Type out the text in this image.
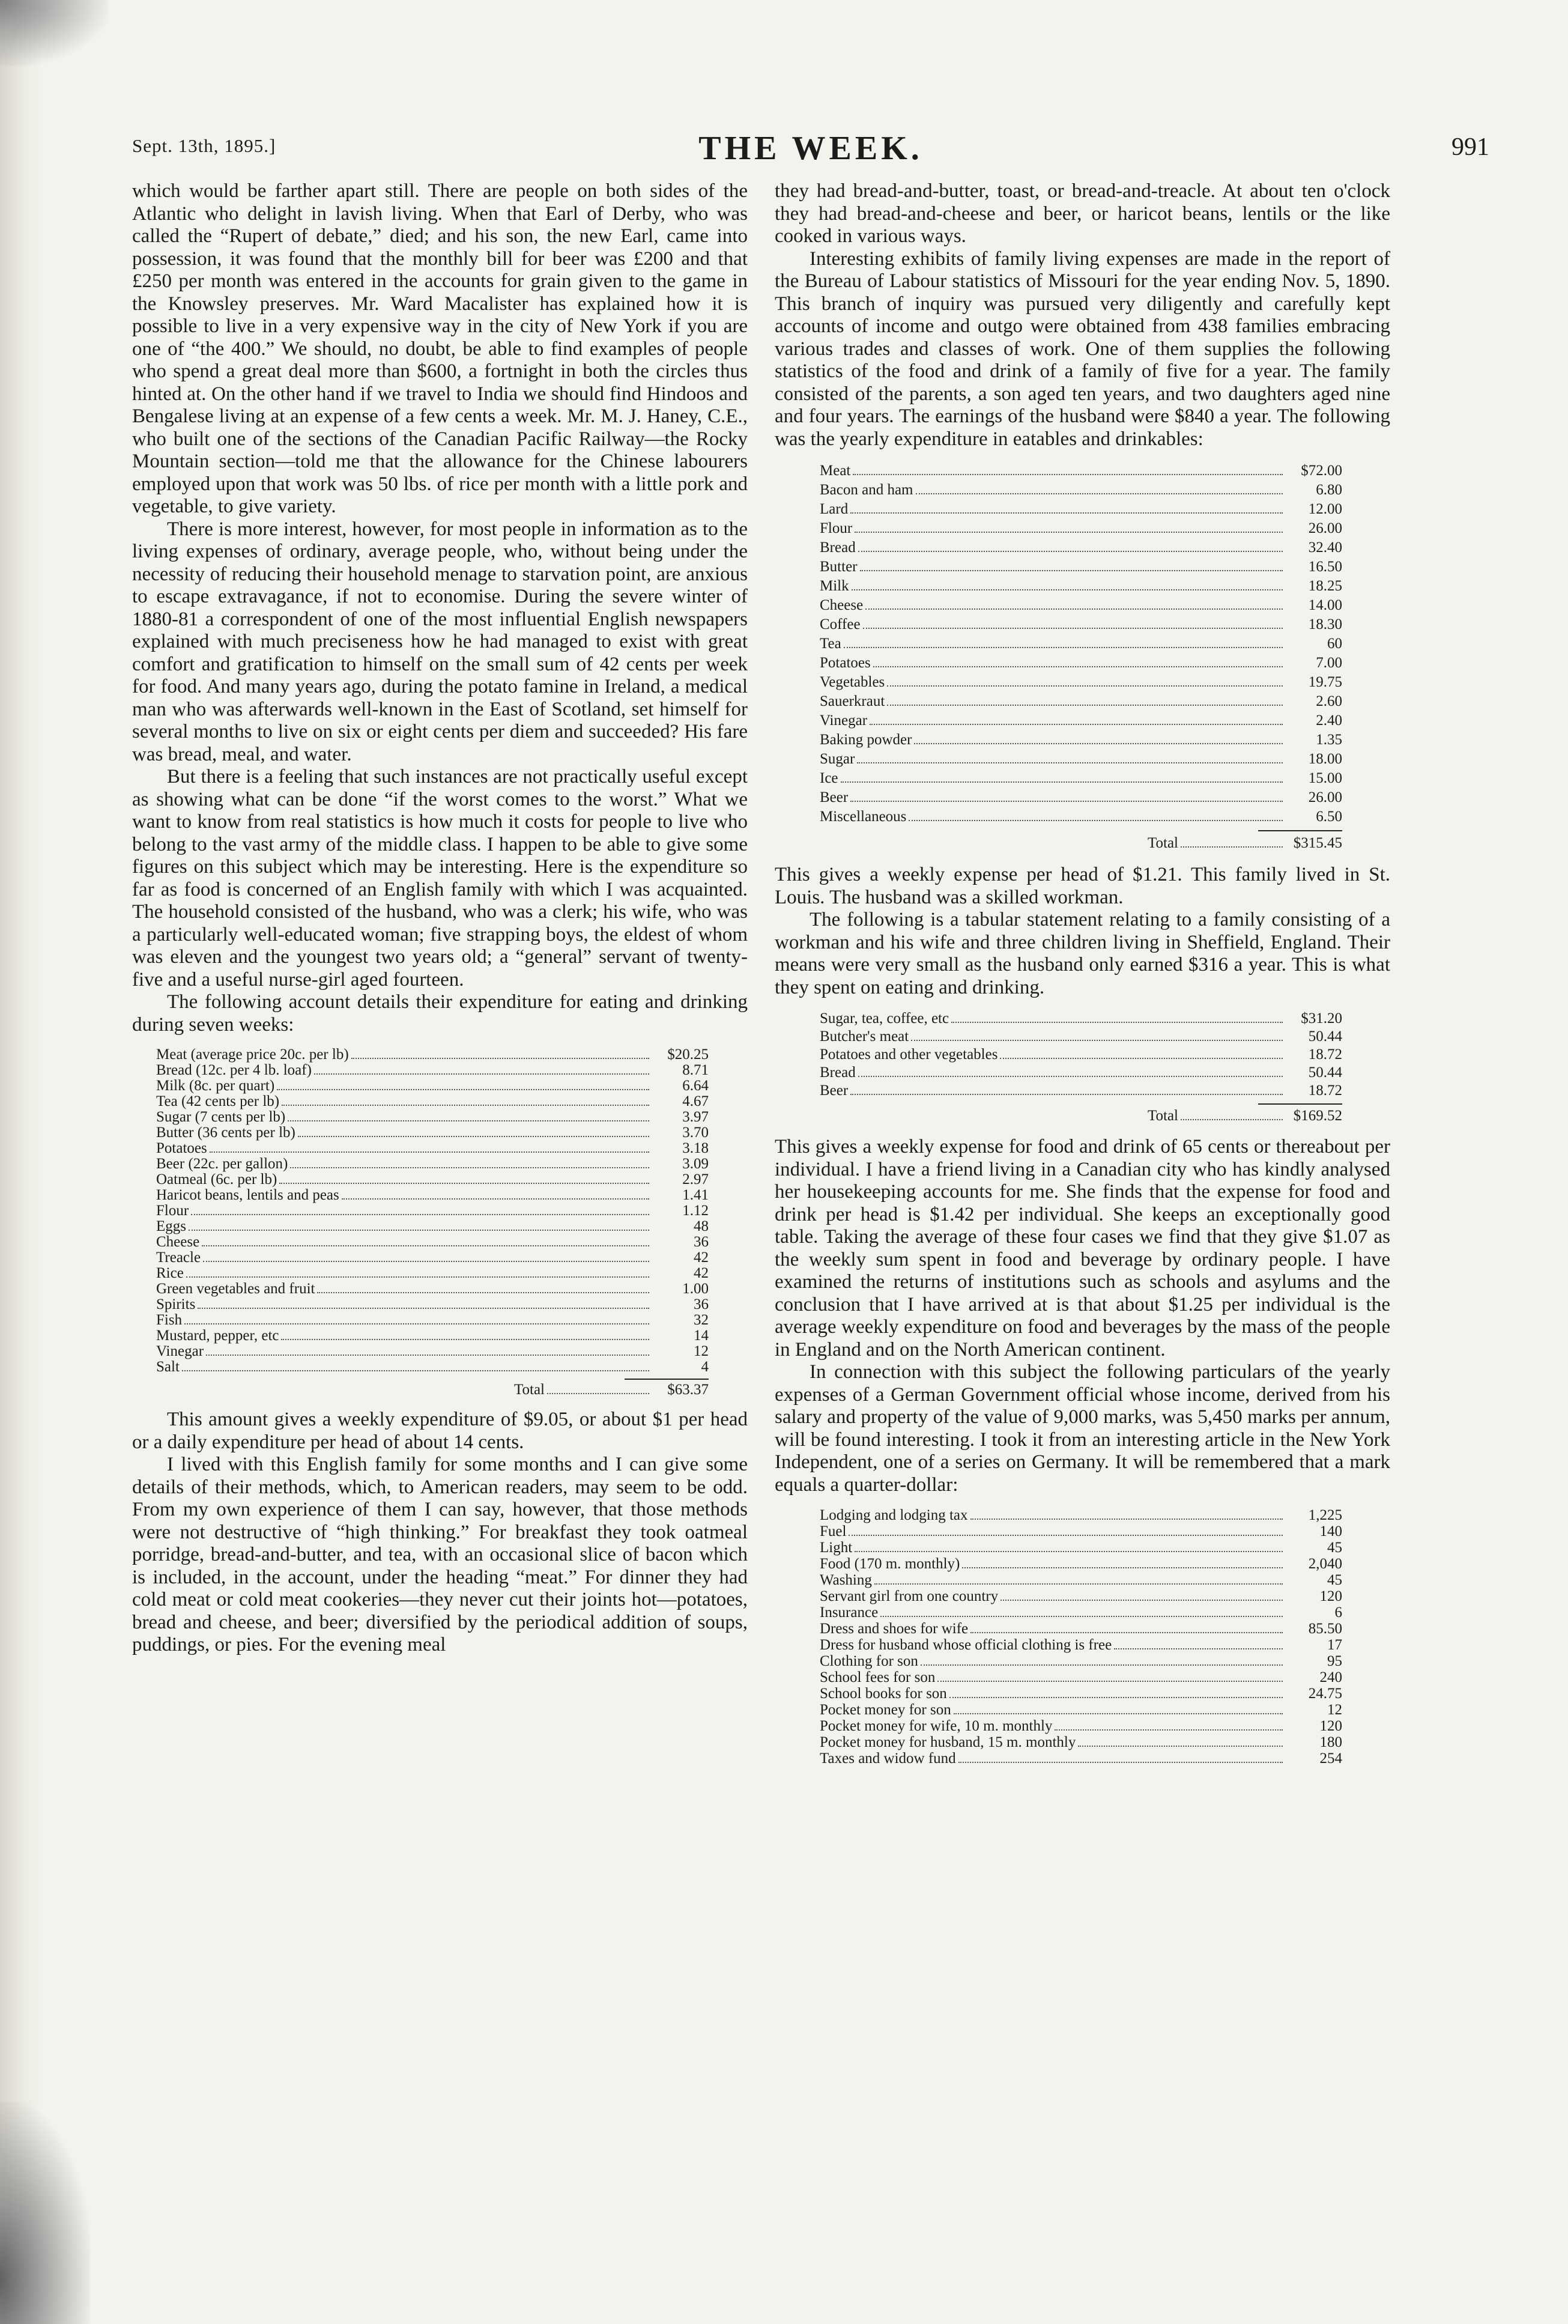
Sept. 13th, 1895.]	THE WEEK.	991

which would be farther apart still. There are people on both sides of the Atlantic who delight in lavish living. When that Earl of Derby, who was called the “Rupert of debate,” died; and his son, the new Earl, came into possession, it was found that the monthly bill for beer was £200 and that £250 per month was entered in the accounts for grain given to the game in the Knowsley preserves. Mr. Ward Macalister has explained how it is possible to live in a very expensive way in the city of New York if you are one of “the 400.” We should, no doubt, be able to find examples of people who spend a great deal more than $600, a fortnight in both the circles thus hinted at. On the other hand if we travel to India we should find Hindoos and Bengalese living at an expense of a few cents a week. Mr. M. J. Haney, C.E., who built one of the sections of the Canadian Pacific Railway—the Rocky Mountain section—told me that the allowance for the Chinese labourers employed upon that work was 50 lbs. of rice per month with a little pork and vegetable, to give variety.

There is more interest, however, for most people in information as to the living expenses of ordinary, average people, who, without being under the necessity of reducing their household menage to starvation point, are anxious to escape extravagance, if not to economise. During the severe winter of 1880-81 a correspondent of one of the most influential English newspapers explained with much preciseness how he had managed to exist with great comfort and gratification to himself on the small sum of 42 cents per week for food. And many years ago, during the potato famine in Ireland, a medical man who was afterwards well-known in the East of Scotland, set himself for several months to live on six or eight cents per diem and succeeded? His fare was bread, meal, and water.

But there is a feeling that such instances are not practically useful except as showing what can be done “if the worst comes to the worst.” What we want to know from real statistics is how much it costs for people to live who belong to the vast army of the middle class. I happen to be able to give some figures on this subject which may be interesting. Here is the expenditure so far as food is concerned of an English family with which I was acquainted. The household consisted of the husband, who was a clerk; his wife, who was a particularly well-educated woman; five strapping boys, the eldest of whom was eleven and the youngest two years old; a “general” servant of twenty-five and a useful nurse-girl aged fourteen.

The following account details their expenditure for eating and drinking during seven weeks:

Meat (average price 20c. per lb)	$20.25
Bread (12c. per 4 lb. loaf)	8.71
Milk (8c. per quart)	6.64
Tea (42 cents per lb)	4.67
Sugar (7 cents per lb)	3.97
Butter (36 cents per lb)	3.70
Potatoes	3.18
Beer (22c. per gallon)	3.09
Oatmeal (6c. per lb)	2.97
Haricot beans, lentils and peas	1.41
Flour	1.12
Eggs	48
Cheese	36
Treacle	42
Rice	42
Green vegetables and fruit	1.00
Spirits	36
Fish	32
Mustard, pepper, etc	14
Vinegar	12
Salt	4
Total	$63.37

This amount gives a weekly expenditure of $9.05, or about $1 per head or a daily expenditure per head of about 14 cents.

I lived with this English family for some months and I can give some details of their methods, which, to American readers, may seem to be odd. From my own experience of them I can say, however, that those methods were not destructive of “high thinking.” For breakfast they took oatmeal porridge, bread-and-butter, and tea, with an occasional slice of bacon which is included, in the account, under the heading “meat.” For dinner they had cold meat or cold meat cookeries—they never cut their joints hot—potatoes, bread and cheese, and beer; diversified by the periodical addition of soups, puddings, or pies. For the evening meal

they had bread-and-butter, toast, or bread-and-treacle. At about ten o'clock they had bread-and-cheese and beer, or haricot beans, lentils or the like cooked in various ways.

Interesting exhibits of family living expenses are made in the report of the Bureau of Labour statistics of Missouri for the year ending Nov. 5, 1890. This branch of inquiry was pursued very diligently and carefully kept accounts of income and outgo were obtained from 438 families embracing various trades and classes of work. One of them supplies the following statistics of the food and drink of a family of five for a year. The family consisted of the parents, a son aged ten years, and two daughters aged nine and four years. The earnings of the husband were $840 a year. The following was the yearly expenditure in eatables and drinkables:

Meat	$72.00
Bacon and ham	6.80
Lard	12.00
Flour	26.00
Bread	32.40
Butter	16.50
Milk	18.25
Cheese	14.00
Coffee	18.30
Tea	60
Potatoes	7.00
Vegetables	19.75
Sauerkraut	2.60
Vinegar	2.40
Baking powder	1.35
Sugar	18.00
Ice	15.00
Beer	26.00
Miscellaneous	6.50
Total	$315.45

This gives a weekly expense per head of $1.21. This family lived in St. Louis. The husband was a skilled workman.

The following is a tabular statement relating to a family consisting of a workman and his wife and three children living in Sheffield, England. Their means were very small as the husband only earned $316 a year. This is what they spent on eating and drinking.

Sugar, tea, coffee, etc	$31.20
Butcher's meat	50.44
Potatoes and other vegetables	18.72
Bread	50.44
Beer	18.72
Total	$169.52

This gives a weekly expense for food and drink of 65 cents or thereabout per individual. I have a friend living in a Canadian city who has kindly analysed her housekeeping accounts for me. She finds that the expense for food and drink per head is $1.42 per individual. She keeps an exceptionally good table. Taking the average of these four cases we find that they give $1.07 as the weekly sum spent in food and beverage by ordinary people. I have examined the returns of institutions such as schools and asylums and the conclusion that I have arrived at is that about $1.25 per individual is the average weekly expenditure on food and beverages by the mass of the people in England and on the North American continent.

In connection with this subject the following particulars of the yearly expenses of a German Government official whose income, derived from his salary and property of the value of 9,000 marks, was 5,450 marks per annum, will be found interesting. I took it from an interesting article in the New York Independent, one of a series on Germany. It will be remembered that a mark equals a quarter-dollar:

Lodging and lodging tax	1,225
Fuel	140
Light	45
Food (170 m. monthly)	2,040
Washing	45
Servant girl from one country	120
Insurance	6
Dress and shoes for wife	85.50
Dress for husband whose official clothing is free	17
Clothing for son	95
School fees for son	240
School books for son	24.75
Pocket money for son	12
Pocket money for wife, 10 m. monthly	120
Pocket money for husband, 15 m. monthly	180
Taxes and widow fund	254
